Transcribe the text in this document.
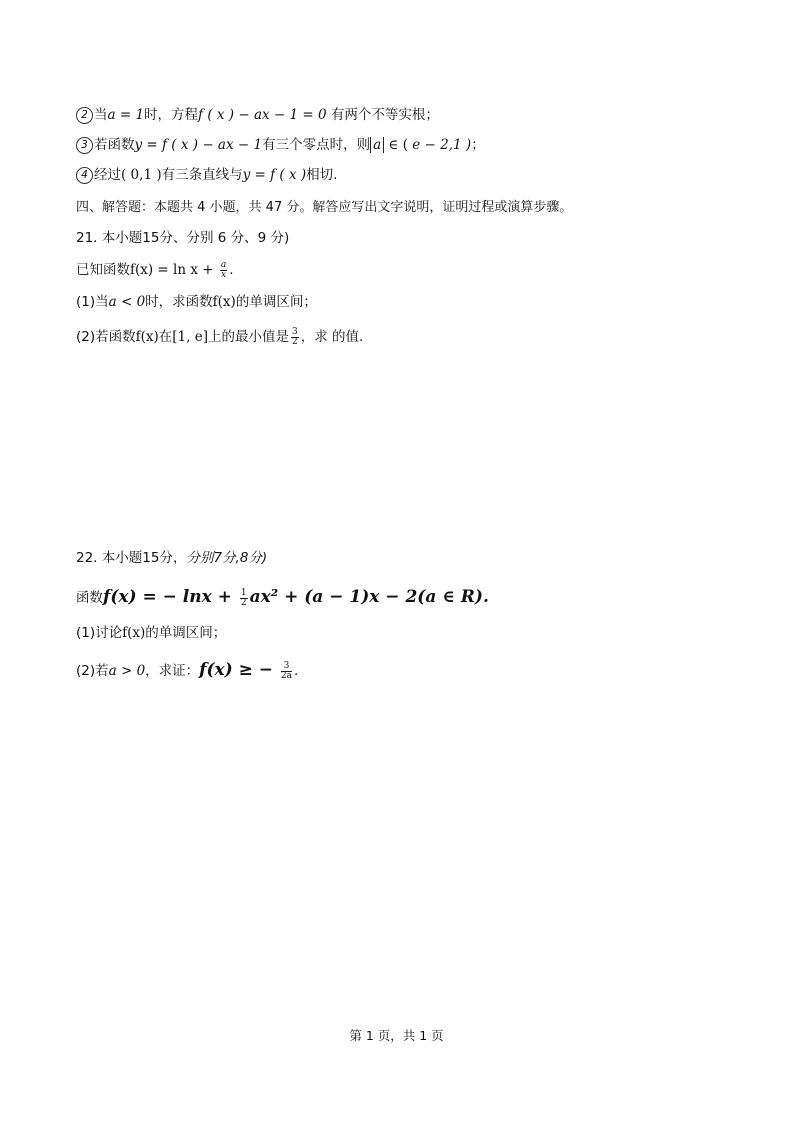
2 当a = 1时，方程f ( x ) − ax − 1 = 0 有两个不等实根；
3 若函数y = f ( x ) − ax − 1有三个零点时，则 a ∈ ( e − 2,1 )；
4 经过( 0,1 )有三条直线与y = f ( x )相切.
四、解答题：本题共 4 小题，共 47 分。解答应写出文字说明，证明过程或演算步骤。
21. 本小题15分、分别 6 分、9 分)
已知函数$f(x) = \ln x + \frac{a}{x}$ .
(1)当a < 0时，求函数f(x)的单调区间；
(2)若函数f(x)在[1, e]上的最小值是 $\frac{3}{2}$ ，求 的值.
22. 本小题15分，分别7分,8分)
函数f(x) = − $\ln x + \frac{1}{2} ax^2 + (a - 1)x - 2(a$ ∈ R).
(1)讨论f(x)的单调区间；
(2)若a > 0，求证：f(x) ≥ − $\frac{3}{2a}$ .
第 1 页，共 1 页
